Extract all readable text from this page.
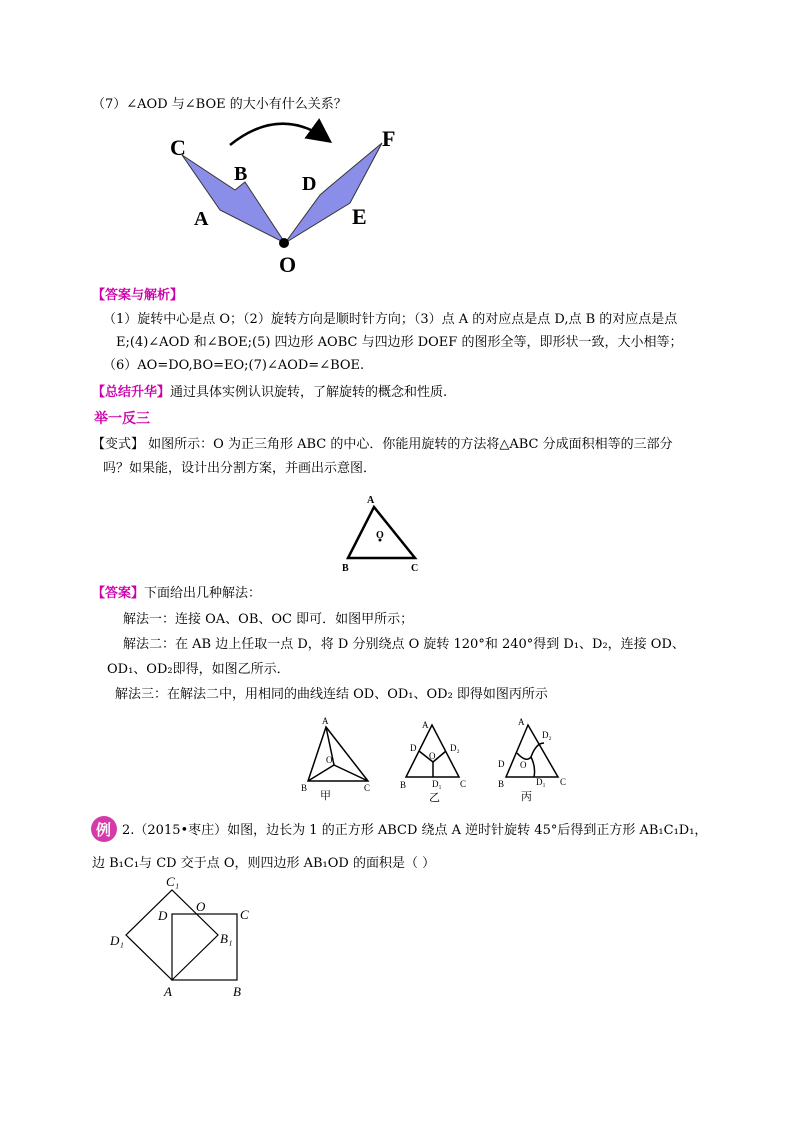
（7）∠AOD 与∠BOE 的大小有什么关系？
C
B
A
O
D
F
E
【答案与解析】
（1）旋转中心是点 O；（2）旋转方向是顺时针方向；（3）点 A 的对应点是点 D,点 B 的对应点是点
E;(4)∠AOD 和∠BOE;(5) 四边形 AOBC 与四边形 DOEF 的图形全等，即形状一致，大小相等；
（6）AO=DO,BO=EO;(7)∠AOD=∠BOE.
【总结升华】通过具体实例认识旋转，了解旋转的概念和性质.
举一反三
【变式】 如图所示：O 为正三角形 ABC 的中心．你能用旋转的方法将△ABC 分成面积相等的三部分
吗？如果能，设计出分割方案，并画出示意图．
A
O
B	C
【答案】下面给出几种解法：
解法一：连接 OA、OB、OC 即可．如图甲所示；
解法二：在 AB 边上任取一点 D，将 D 分别绕点 O 旋转 120°和 240°得到 D₁、D₂，连接 OD、
OD₁、OD₂即得，如图乙所示．
解法三：在解法二中，用相同的曲线连结 OD、OD₁、OD₂ 即得如图丙所示
A
O
B	C
甲
A
D
O
D₂
B	D₁ C
乙
A
D₂
D O
B	D₁ C
丙
例 2.（2015•枣庄）如图，边长为 1 的正方形 ABCD 绕点 A 逆时针旋转 45°后得到正方形 AB₁C₁D₁，
边 B₁C₁与 CD 交于点 O，则四边形 AB₁OD 的面积是（ ）
C₁
D
O
C
D₁	B₁
A	B
